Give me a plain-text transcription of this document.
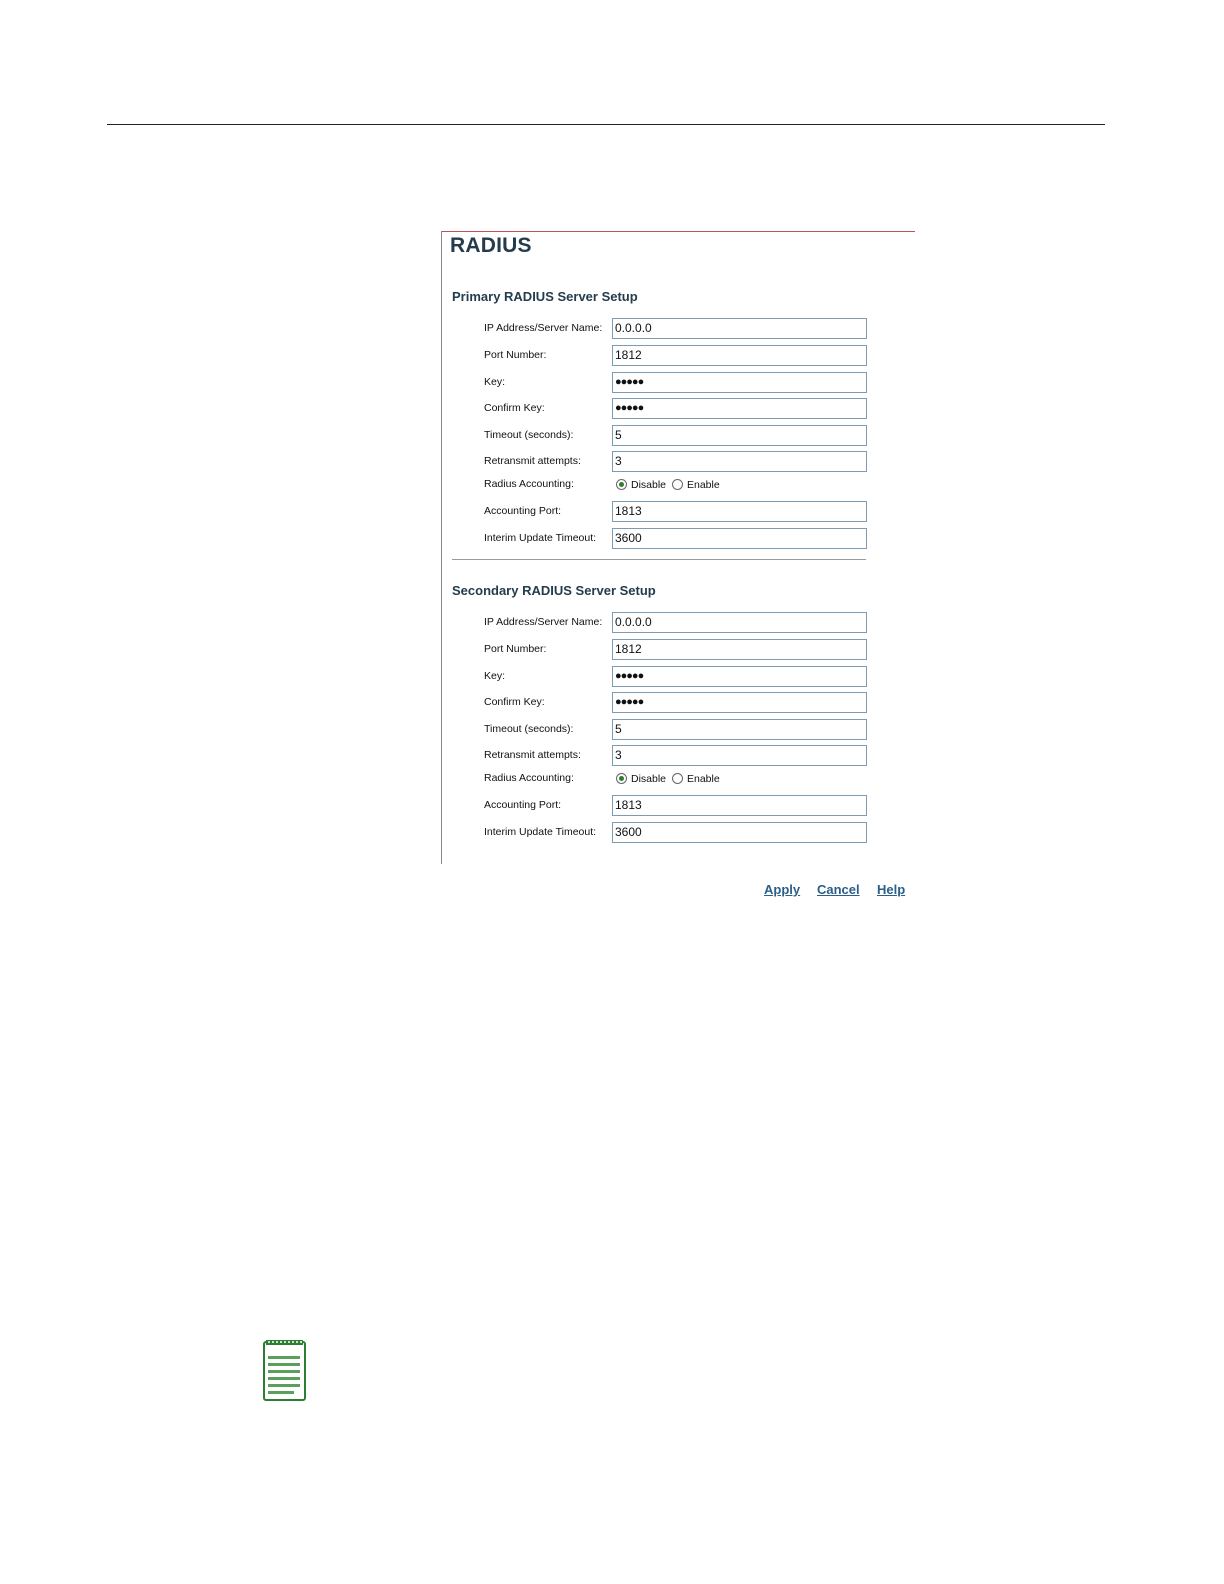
RADIUS
Primary RADIUS Server Setup
IP Address/Server Name: 0.0.0.0
Port Number:	1812
Key:	●●●●●
Confirm Key:	●●●●●
Timeout (seconds):	5
Retransmit attempts:	3
Radius Accounting:	Disable Enable
Accounting Port:	1813
Interim Update Timeout: 3600
Secondary RADIUS Server Setup
IP Address/Server Name: 0.0.0.0
Port Number:	1812
Key:	●●●●●
Confirm Key:	●●●●●
Timeout (seconds):	5
Retransmit attempts:	3
Radius Accounting:	Disable Enable
Accounting Port:	1813
Interim Update Timeout: 3600
Apply Cancel Help
